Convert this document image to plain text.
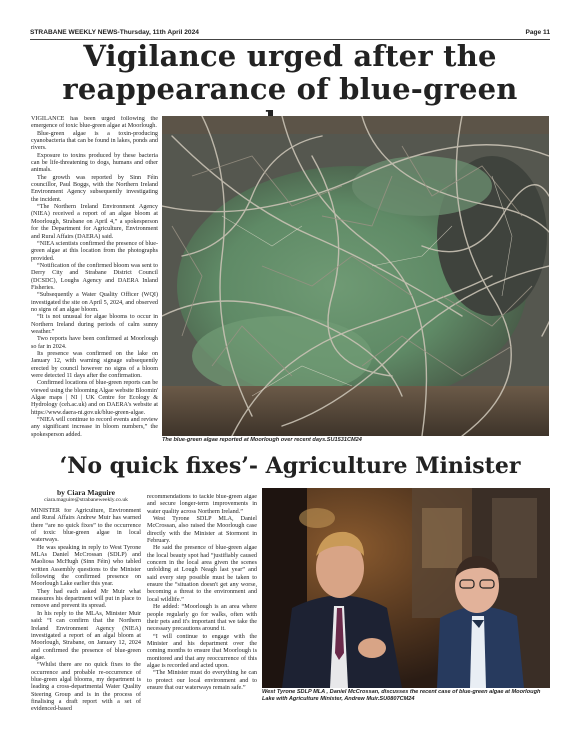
STRABANE WEEKLY NEWS-Thursday, 11th April 2024	Page 11
Vigilance urged after the
reappearance of blue-green

VIGILANCE has been urged following the emergence of toxic blue-green algae at Moorlough.

Blue-green algae is a toxin-producing cyanobacteria that can be found in lakes, ponds and rivers.

Exposure to toxins produced by these bacteria can be life-threatening to dogs, humans and other animals.

The growth was reported by Sinn Féin councillor, Paul Boggs, with the Northern Ireland Environment Agency subsequently investigating the incident.

“The Northern Ireland Environment Agency (NIEA) received a report of an algae bloom at Moorlough, Strabane on April 4,” a spokesperson for the Department for Agriculture, Environment and Rural Affairs (DAERA) said.

“NIEA scientists confirmed the presence of blue-green algae at this location from the photographs provided.

“Notification of the confirmed bloom was sent to Derry City and Strabane District Council (DCSDC), Loughs Agency and DAERA Inland Fisheries.

“Subsequently a Water Quality Officer (WQI) investigated the site on April 5, 2024, and observed no signs of an algae bloom.

“It is not unusual for algae blooms to occur in Northern Ireland during periods of calm sunny weather.”

Two reports have been confirmed at Moorlough so far in 2024.

Its presence was confirmed on the lake on January 12, with warning signage subsequently erected by council however no signs of a bloom were detected 11 days after the confirmation.

Confirmed locations of blue-green reports can be viewed using the blooming Algae website Bloomin' Algae maps | NI | UK Centre for Ecology & Hydrology (ceh.ac.uk) and on DAERA's website at https://www.daera-ni.gov.uk/blue-green-algae.

“NIEA will continue to record events and review any significant increase in bloom numbers,” the spokesperson added.

The blue-green algae reported at Moorlough over recent days.SU1531CM24
‘No quick fixes’- Agriculture Minister
by Ciara Maguire
ciara.maguire@strabaneweekly.co.uk

MINISTER for Agriculture, Environment and Rural Affairs Andrew Muir has warned there “are no quick fixes” to the occurrence of toxic blue-green algae in local waterways.

He was speaking in reply to West Tyrone MLAs Daniel McCrossan (SDLP) and Maoliosa McHugh (Sinn Féin) who tabled written Assembly questions to the Minister following the confirmed presence on Moorlough Lake earlier this year.

They had each asked Mr Muir what measures his department will put in place to remove and prevent its spread.

In his reply to the MLAs, Minister Muir said: “I can confirm that the Northern Ireland Environment Agency (NIEA) investigated a report of an algal bloom at Moorlough, Strabane, on January 12, 2024 and confirmed the presence of blue-green algae.

“Whilst there are no quick fixes to the occurrence and probable re-occurrence of blue-green algal blooms, my department is leading a cross-departmental Water Quality Steering Group and is in the process of finalising a draft report with a set of evidenced-based

recommendations to tackle blue-green algae and secure longer-term improvements in water quality across Northern Ireland.”

West Tyrone SDLP MLA, Daniel McCrossan, also raised the Moorlough case directly with the Minister at Stormont in February.

He said the presence of blue-green algae the local beauty spot had “justifiably caused concern in the local area given the scenes unfolding at Lough Neagh last year” and said every step possible must be taken to ensure the “situation doesn't get any worse, becoming a threat to the environment and local wildlife.”

He added: “Moorlough is an area where people regularly go for walks, often with their pets and it's important that we take the necessary precautions around it.

“I will continue to engage with the Minister and his department over the coming months to ensure that Moorlough is monitored and that any reoccurrence of this algae is recorded and acted upon.

“The Minister must do everything he can to protect our local environment and to ensure that our waterways remain safe.”

West Tyrone SDLP MLA , Daniel McCrossan, discusses the recent case of blue-green algae at Moorlough Lake with Agriculture Minister, Andrew Muir.SU0807CM24
